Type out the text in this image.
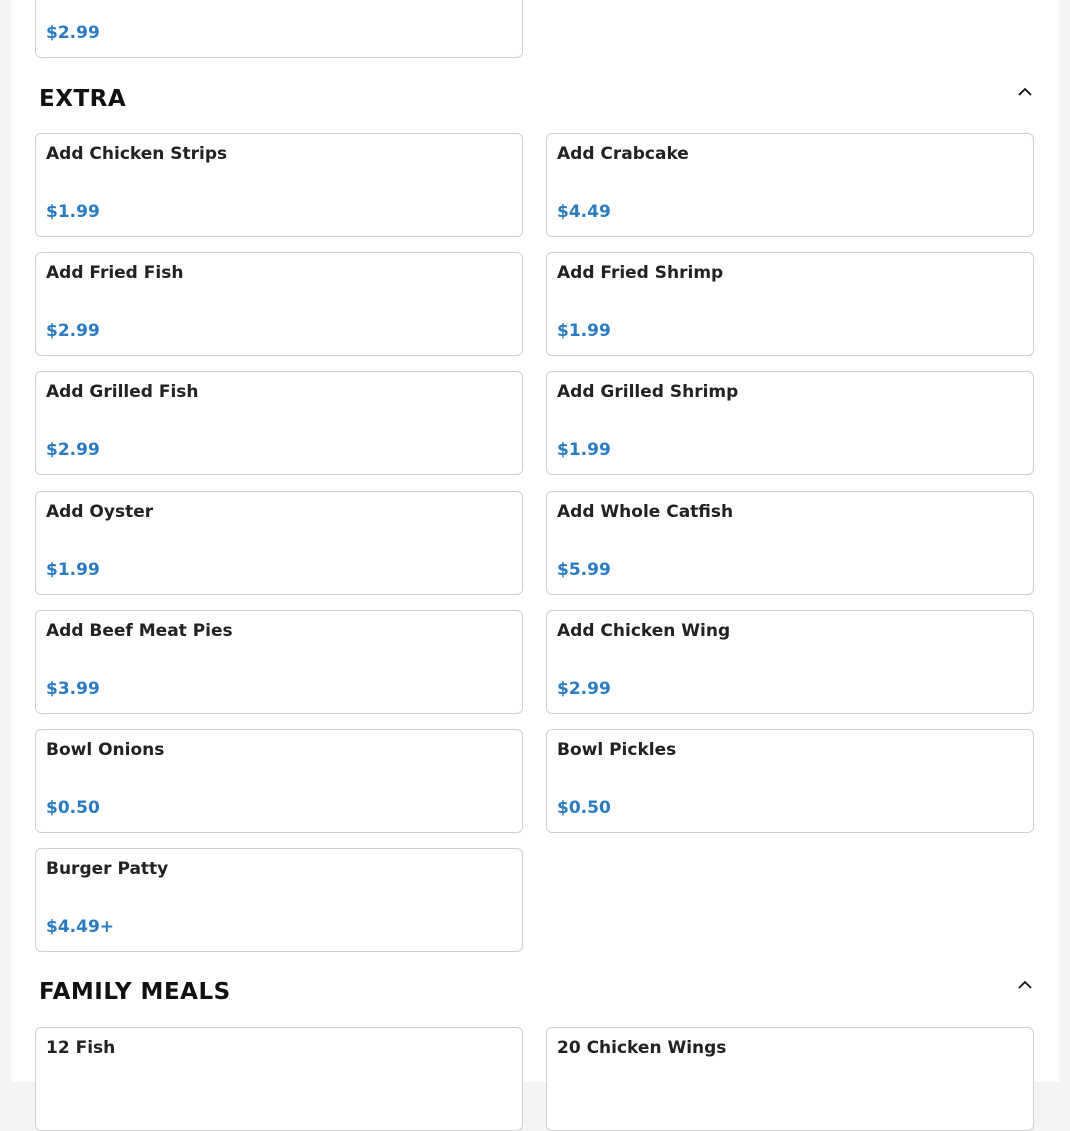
$2.99
EXTRA
Add Chicken Strips
$1.99
Add Crabcake
$4.49
Add Fried Fish
$2.99
Add Fried Shrimp
$1.99
Add Grilled Fish
$2.99
Add Grilled Shrimp
$1.99
Add Oyster
$1.99
Add Whole Catfish
$5.99
Add Beef Meat Pies
$3.99
Add Chicken Wing
$2.99
Bowl Onions
$0.50
Bowl Pickles
$0.50
Burger Patty
$4.49+
FAMILY MEALS
12 Fish	20 Chicken Wings
